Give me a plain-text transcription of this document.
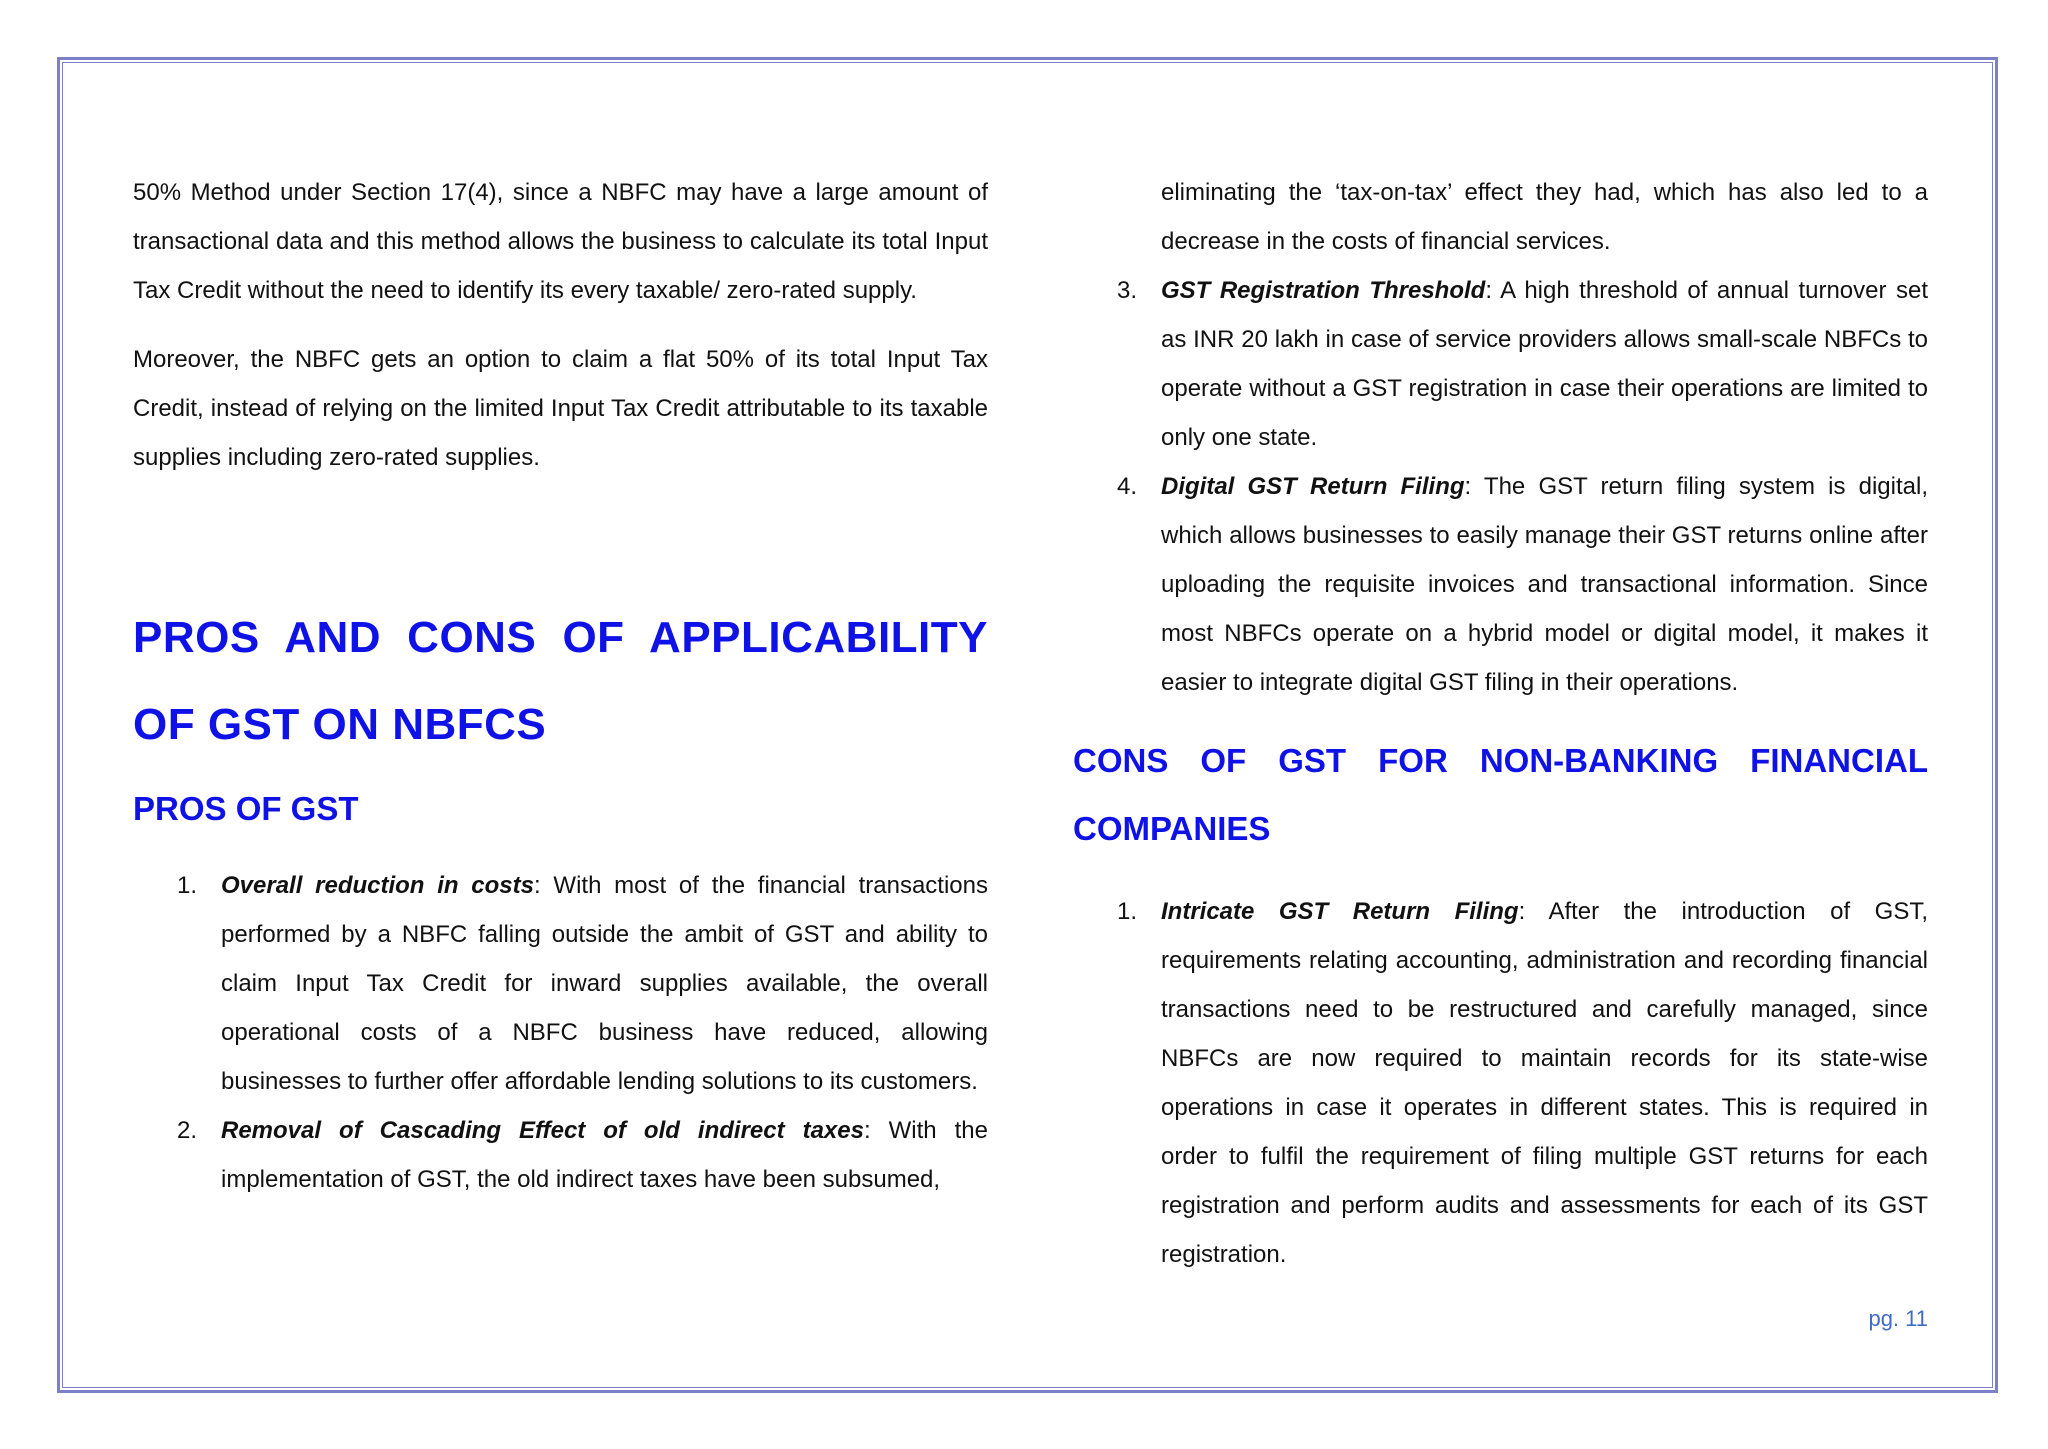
50% Method under Section 17(4), since a NBFC may have a large amount of transactional data and this method allows the business to calculate its total Input Tax Credit without the need to identify its every taxable/ zero-rated supply.

Moreover, the NBFC gets an option to claim a flat 50% of its total Input Tax Credit, instead of relying on the limited Input Tax Credit attributable to its taxable supplies including zero-rated supplies.

PROS AND CONS OF APPLICABILITY OF GST ON NBFCS
PROS OF GST
1. Overall reduction in costs: With most of the financial transactions performed by a NBFC falling outside the ambit of GST and ability to claim Input Tax Credit for inward supplies available, the overall operational costs of a NBFC business have reduced, allowing businesses to further offer affordable lending solutions to its customers.
2. Removal of Cascading Effect of old indirect taxes: With the implementation of GST, the old indirect taxes have been subsumed,

eliminating the ‘tax-on-tax’ effect they had, which has also led to a decrease in the costs of financial services.

3. GST Registration Threshold: A high threshold of annual turnover set as INR 20 lakh in case of service providers allows small-scale NBFCs to operate without a GST registration in case their operations are limited to only one state.
4. Digital GST Return Filing: The GST return filing system is digital, which allows businesses to easily manage their GST returns online after uploading the requisite invoices and transactional information. Since most NBFCs operate on a hybrid model or digital model, it makes it easier to integrate digital GST filing in their operations.
CONS OF GST FOR NON-BANKING FINANCIAL COMPANIES
1. Intricate GST Return Filing: After the introduction of GST, requirements relating accounting, administration and recording financial transactions need to be restructured and carefully managed, since NBFCs are now required to maintain records for its state-wise operations in case it operates in different states. This is required in order to fulfil the requirement of filing multiple GST returns for each registration and perform audits and assessments for each of its GST registration.
pg. 11
